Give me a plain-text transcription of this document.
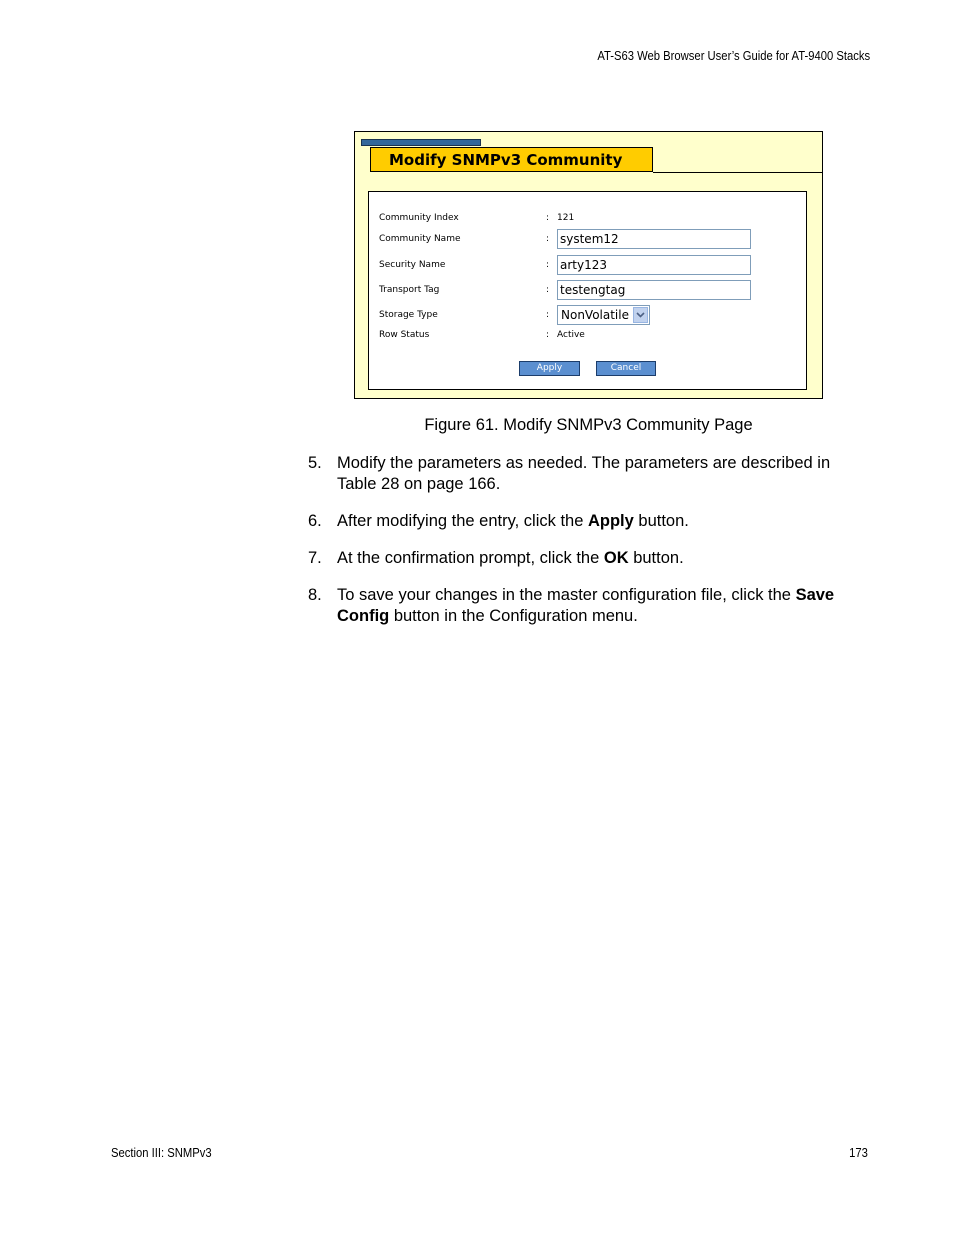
AT-S63 Web Browser User’s Guide for AT-9400 Stacks
Modify SNMPv3 Community
Community Index	: 121
Community Name	:
system12
Security Name	:
arty123
Transport Tag	:
testengtag
Storage Type	: NonVolatile
Row Status	: Active
Apply	Cancel
Figure 61. Modify SNMPv3 Community Page
5. Modify the parameters as needed. The parameters are described in Table 28 on page 166.
6. After modifying the entry, click the Apply button.
7. At the confirmation prompt, click the OK button.
8. To save your changes in the master configuration file, click the Save Config button in the Configuration menu.
Section III: SNMPv3	173
